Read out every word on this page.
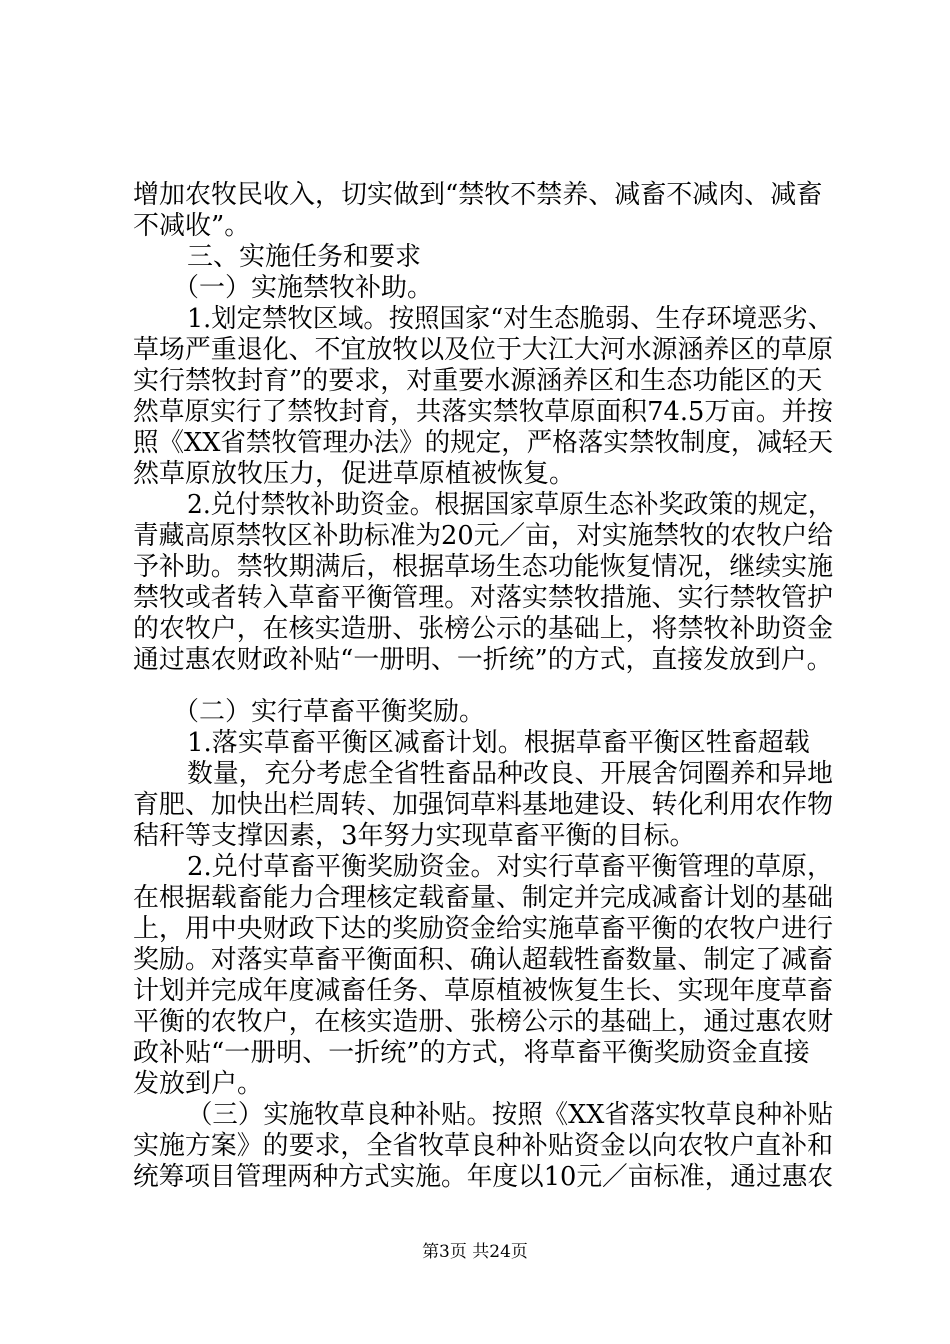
增加农牧民收入，切实做到“禁牧不禁养、减畜不减肉、减畜
不减收”。
三、实施任务和要求
（一）实施禁牧补助。
1.划定禁牧区域。按照国家“对生态脆弱、生存环境恶劣、
草场严重退化、不宜放牧以及位于大江大河水源涵养区的草原
实行禁牧封育”的要求，对重要水源涵养区和生态功能区的天
然草原实行了禁牧封育，共落实禁牧草原面积74.5万亩。并按
照《XX省禁牧管理办法》的规定，严格落实禁牧制度，减轻天
然草原放牧压力，促进草原植被恢复。
2.兑付禁牧补助资金。根据国家草原生态补奖政策的规定，
青藏高原禁牧区补助标准为20元／亩，对实施禁牧的农牧户给
予补助。禁牧期满后，根据草场生态功能恢复情况，继续实施
禁牧或者转入草畜平衡管理。对落实禁牧措施、实行禁牧管护
的农牧户，在核实造册、张榜公示的基础上，将禁牧补助资金
通过惠农财政补贴“一册明、一折统”的方式，直接发放到户。
（二）实行草畜平衡奖励。
1.落实草畜平衡区减畜计划。根据草畜平衡区牲畜超载
数量，充分考虑全省牲畜品种改良、开展舍饲圈养和异地
育肥、加快出栏周转、加强饲草料基地建设、转化利用农作物
秸秆等支撑因素，3年努力实现草畜平衡的目标。
2.兑付草畜平衡奖励资金。对实行草畜平衡管理的草原，
在根据载畜能力合理核定载畜量、制定并完成减畜计划的基础
上，用中央财政下达的奖励资金给实施草畜平衡的农牧户进行
奖励。对落实草畜平衡面积、确认超载牲畜数量、制定了减畜
计划并完成年度减畜任务、草原植被恢复生长、实现年度草畜
平衡的农牧户，在核实造册、张榜公示的基础上，通过惠农财
政补贴“一册明、一折统”的方式，将草畜平衡奖励资金直接
发放到户。
（三）实施牧草良种补贴。按照《XX省落实牧草良种补贴
实施方案》的要求，全省牧草良种补贴资金以向农牧户直补和
统筹项目管理两种方式实施。年度以10元／亩标准，通过惠农
第3页 共24页
